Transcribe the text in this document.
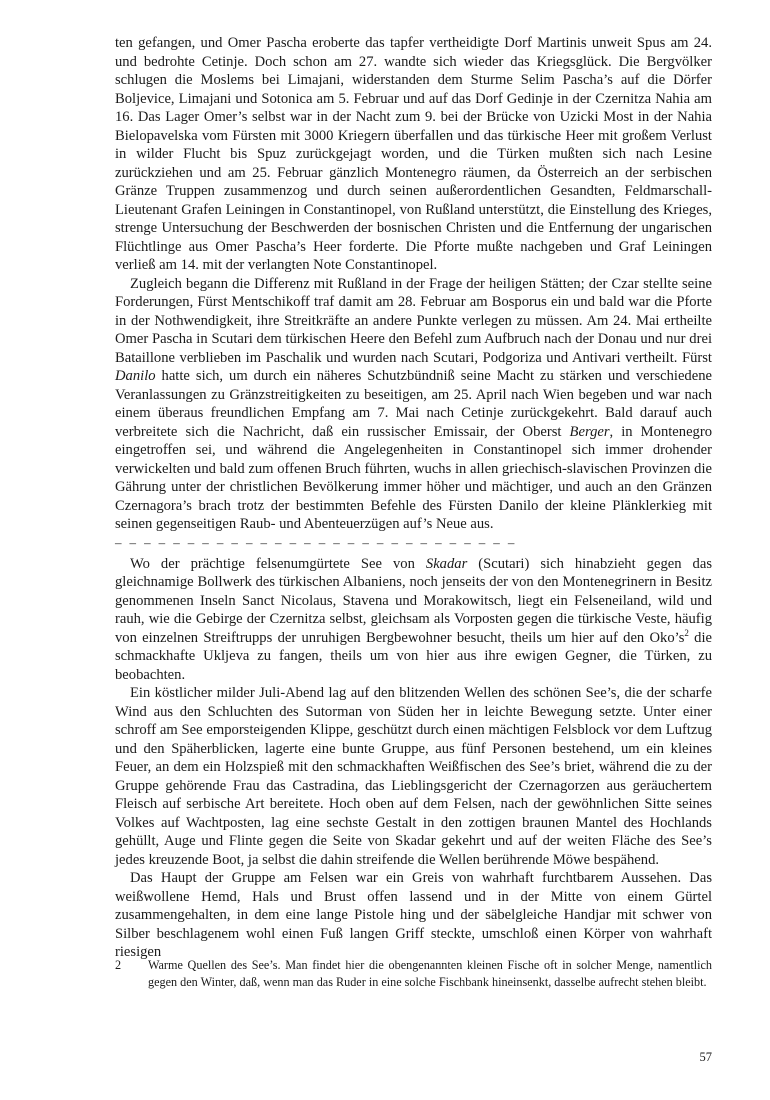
ten gefangen, und Omer Pascha eroberte das tapfer vertheidigte Dorf Martinis unweit Spus am 24. und bedrohte Cetinje. Doch schon am 27. wandte sich wieder das Kriegsglück. Die Bergvölker schlugen die Moslems bei Limajani, widerstanden dem Sturme Selim Pascha’s auf die Dörfer Boljevice, Limajani und Sotonica am 5. Februar und auf das Dorf Gedinje in der Czernitza Nahia am 16. Das Lager Omer’s selbst war in der Nacht zum 9. bei der Brücke von Uzicki Most in der Nahia Bielopavelska vom Fürsten mit 3000 Kriegern überfallen und das türkische Heer mit großem Verlust in wilder Flucht bis Spuz zurückgejagt worden, und die Türken mußten sich nach Lesine zurückziehen und am 25. Februar gänzlich Montenegro räumen, da Österreich an der serbischen Gränze Truppen zusammenzog und durch seinen außerordentlichen Gesandten, Feldmarschall-Lieutenant Grafen Leiningen in Constantinopel, von Rußland unterstützt, die Einstellung des Krieges, strenge Untersuchung der Beschwerden der bosnischen Christen und die Entfernung der ungarischen Flüchtlinge aus Omer Pascha’s Heer forderte. Die Pforte mußte nachgeben und Graf Leiningen verließ am 14. mit der verlangten Note Constantinopel.

Zugleich begann die Differenz mit Rußland in der Frage der heiligen Stätten; der Czar stellte seine Forderungen, Fürst Mentschikoff traf damit am 28. Februar am Bosporus ein und bald war die Pforte in der Nothwendigkeit, ihre Streitkräfte an andere Punkte verlegen zu müssen. Am 24. Mai ertheilte Omer Pascha in Scutari dem türkischen Heere den Befehl zum Aufbruch nach der Donau und nur drei Bataillone verblieben im Paschalik und wurden nach Scutari, Podgoriza und Antivari vertheilt. Fürst Danilo hatte sich, um durch ein näheres Schutzbündniß seine Macht zu stärken und verschiedene Veranlassungen zu Gränzstreitigkeiten zu beseitigen, am 25. April nach Wien begeben und war nach einem überaus freundlichen Empfang am 7. Mai nach Cetinje zurückgekehrt. Bald darauf auch verbreitete sich die Nachricht, daß ein russischer Emissair, der Oberst Berger, in Montenegro eingetroffen sei, und während die Angelegenheiten in Constantinopel sich immer drohender verwickelten und bald zum offenen Bruch führten, wuchs in allen griechisch-slavischen Provinzen die Gährung unter der christlichen Bevölkerung immer höher und mächtiger, und auch an den Gränzen Czernagora’s brach trotz der bestimmten Befehle des Fürsten Danilo der kleine Plänklerkieg mit seinen gegenseitigen Raub- und Abenteuerzügen auf’s Neue aus.

– – – – – – – – – – – – – – – – – – – – – – – – – – – –

Wo der prächtige felsenumgürtete See von Skadar (Scutari) sich hinabzieht gegen das gleichnamige Bollwerk des türkischen Albaniens, noch jenseits der von den Montenegrinern in Besitz genommenen Inseln Sanct Nicolaus, Stavena und Morakowitsch, liegt ein Felseneiland, wild und rauh, wie die Gebirge der Czernitza selbst, gleichsam als Vorposten gegen die türkische Veste, häufig von einzelnen Streiftrupps der unruhigen Bergbewohner besucht, theils um hier auf den $Oko’s^2$ die schmackhafte Ukljeva zu fangen, theils um von hier aus ihre ewigen Gegner, die Türken, zu beobachten.

Ein köstlicher milder Juli-Abend lag auf den blitzenden Wellen des schönen See’s, die der scharfe Wind aus den Schluchten des Sutorman von Süden her in leichte Bewegung setzte. Unter einer schroff am See emporsteigenden Klippe, geschützt durch einen mächtigen Felsblock vor dem Luftzug und den Späherblicken, lagerte eine bunte Gruppe, aus fünf Personen bestehend, um ein kleines Feuer, an dem ein Holzspieß mit den schmackhaften Weißfischen des See’s briet, während die zu der Gruppe gehörende Frau das Castradina, das Lieblingsgericht der Czernagorzen aus geräuchertem Fleisch auf serbische Art bereitete. Hoch oben auf dem Felsen, nach der gewöhnlichen Sitte seines Volkes auf Wachtposten, lag eine sechste Gestalt in den zottigen braunen Mantel des Hochlands gehüllt, Auge und Flinte gegen die Seite von Skadar gekehrt und auf der weiten Fläche des See’s jedes kreuzende Boot, ja selbst die dahin streifende die Wellen berührende Möwe bespähend.

Das Haupt der Gruppe am Felsen war ein Greis von wahrhaft furchtbarem Aussehen. Das weißwollene Hemd, Hals und Brust offen lassend und in der Mitte von einem Gürtel zusammengehalten, in dem eine lange Pistole hing und der säbelgleiche Handjar mit schwer von Silber beschlagenem wohl einen Fuß langen Griff steckte, umschloß einen Körper von wahrhaft riesigen

2	Warme Quellen des See’s. Man findet hier die obengenannten kleinen Fische oft in solcher Menge, namentlich gegen den Winter, daß, wenn man das Ruder in eine solche Fischbank hineinsenkt, dasselbe aufrecht stehen bleibt.
57
